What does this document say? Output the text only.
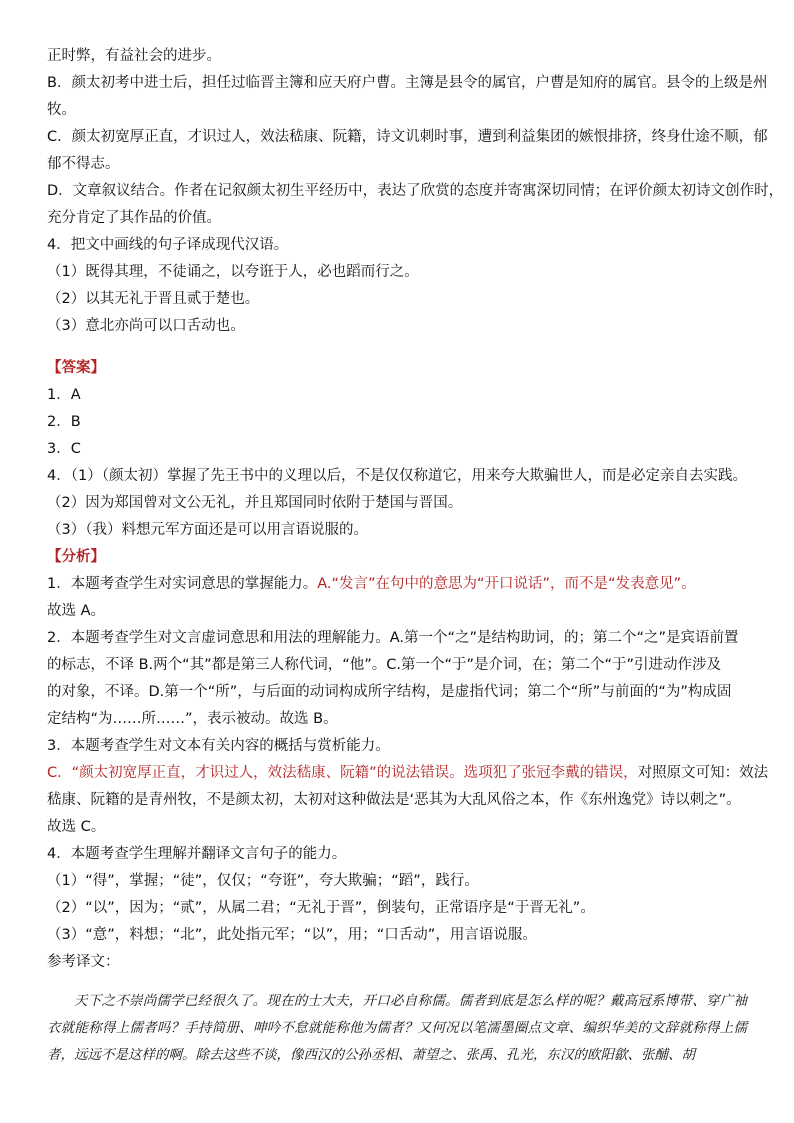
正时弊，有益社会的进步。
B．颜太初考中进士后，担任过临晋主簿和应天府户曹。主簿是县令的属官，户曹是知府的属官。县令的上级是州
牧。
C．颜太初宽厚正直，才识过人，效法嵇康、阮籍，诗文讥刺时事，遭到利益集团的嫉恨排挤，终身仕途不顺，郁
郁不得志。
D．文章叙议结合。作者在记叙颜太初生平经历中，表达了欣赏的态度并寄寓深切同情；在评价颜太初诗文创作时，
充分肯定了其作品的价值。
4．把文中画线的句子译成现代汉语。
（1）既得其理，不徒诵之，以夸诳于人，必也蹈而行之。
（2）以其无礼于晋且贰于楚也。
（3）意北亦尚可以口舌动也。
【答案】
1．A
2．B
3．C
4．（1）（颜太初）掌握了先王书中的义理以后，不是仅仅称道它，用来夸大欺骗世人，而是必定亲自去实践。
（2）因为郑国曾对文公无礼，并且郑国同时依附于楚国与晋国。
（3）（我）料想元军方面还是可以用言语说服的。
【分析】
1．本题考查学生对实词意思的掌握能力。A.“发言”在句中的意思为“开口说话”，而不是“发表意见”。
故选 A。
2．本题考查学生对文言虚词意思和用法的理解能力。A.第一个“之”是结构助词，的；第二个“之”是宾语前置
的标志，不译 B.两个“其”都是第三人称代词，“他”。C.第一个“于”是介词，在；第二个“于”引进动作涉及
的对象，不译。D.第一个“所”，与后面的动词构成所字结构，是虚指代词；第二个“所”与前面的“为”构成固
定结构“为……所……”，表示被动。故选 B。
3．本题考查学生对文本有关内容的概括与赏析能力。
C．“颜太初宽厚正直，才识过人，效法嵇康、阮籍”的说法错误。选项犯了张冠李戴的错误，对照原文可知：效法
嵇康、阮籍的是青州牧，不是颜太初，太初对这种做法是‘恶其为大乱风俗之本，作《东州逸党》诗以刺之”。
故选 C。
4．本题考查学生理解并翻译文言句子的能力。
（1）“得”，掌握；“徒”，仅仅；“夸诳”，夸大欺骗；“蹈”，践行。
（2）“以”，因为；“贰”，从属二君；“无礼于晋”，倒装句，正常语序是“于晋无礼”。
（3）“意”，料想；“北”，此处指元军；“以”，用；“口舌动”，用言语说服。
参考译文：
天下之不崇尚儒学已经很久了。现在的士大夫，开口必自称儒。儒者到底是怎么样的呢？戴高冠系博带、穿广袖衣就能称得上儒者吗？手持简册、呻吟不怠就能称他为儒者？又何况以笔濡墨圈点文章、编织华美的文辞就称得上儒者，远远不是这样的啊。除去这些不谈，像西汉的公孙丞相、萧望之、张禹、孔光，东汉的欧阳歙、张酺、胡
